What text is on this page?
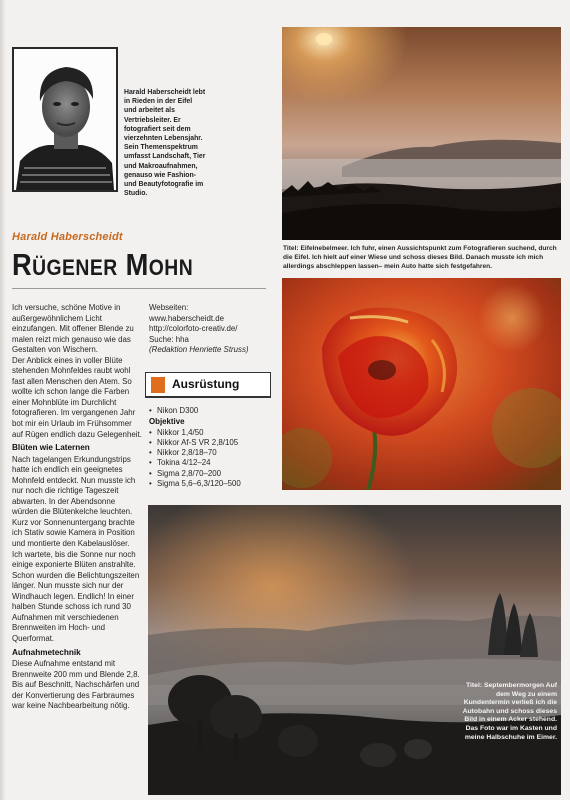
Harald Haberscheidt lebt in Rieden in der Eifel und arbeitet als Vertriebsleiter. Er fotografiert seit dem vierzehnten Lebensjahr. Sein Themenspektrum umfasst Landschaft, Tier und Makroaufnahmen, genauso wie Fashion- und Beautyfotografie im Studio.
Titel: Eifelnebelmeer. Ich fuhr, einen Aussichtspunkt zum Fotografieren suchend, durch die Eifel. Ich hielt auf einer Wiese und schoss dieses Bild. Danach musste ich mich allerdings abschleppen lassen– mein Auto hatte sich festgefahren.
Harald Haberscheidt
Rügener Mohn

Ich versuche, schöne Motive in außergewöhnlichem Licht einzufangen. Mit offener Blende zu malen reizt mich genauso wie das Gestalten von Wischern.

Der Anblick eines in voller Blüte stehenden Mohnfeldes raubt wohl fast allen Menschen den Atem. So wollte ich schon lange die Farben einer Mohnblüte im Durchlicht fotografieren. Im vergangenen Jahr bot mir ein Urlaub im Frühsommer auf Rügen endlich dazu Gelegenheit.

Blüten wie Laternen

Nach tagelangen Erkundungstrips hatte ich endlich ein geeignetes Mohnfeld entdeckt. Nun musste ich nur noch die richtige Tageszeit abwarten. In der Abendsonne würden die Blütenkelche leuchten. Kurz vor Sonnenuntergang brachte ich Stativ sowie Kamera in Position und montierte den Kabelauslöser. Ich wartete, bis die Sonne nur noch einige exponierte Blüten anstrahlte. Schon wurden die Belichtungszeiten länger. Nun musste sich nur der Windhauch legen. Endlich! In einer halben Stunde schoss ich rund 30 Aufnahmen mit verschiedenen Brennweiten im Hoch- und Querformat.

Aufnahmetechnik

Diese Aufnahme entstand mit Brennweite 200 mm und Blende 2,8. Bis auf Beschnitt, Nachschärfen und der Konvertierung des Farbraumes war keine Nachbearbeitung nötig.

Webseiten:
www.haberscheidt.de
http://colorfoto-creativ.de/
Suche: hha
(Redaktion Henriette Struss)
Ausrüstung
• Nikon D300
Objektive
• Nikkor 1,4/50
• Nikkor Af-S VR 2,8/105
• Nikkor 2,8/18–70
• Tokina 4/12–24
• Sigma 2,8/70–200
• Sigma 5,6–6,3/120–500
Titel: Septembermorgen Auf dem Weg zu einem Kundentermin verließ ich die Autobahn und schoss dieses Bild in einem Acker stehend. Das Foto war im Kasten und meine Halbschuhe im Eimer.
